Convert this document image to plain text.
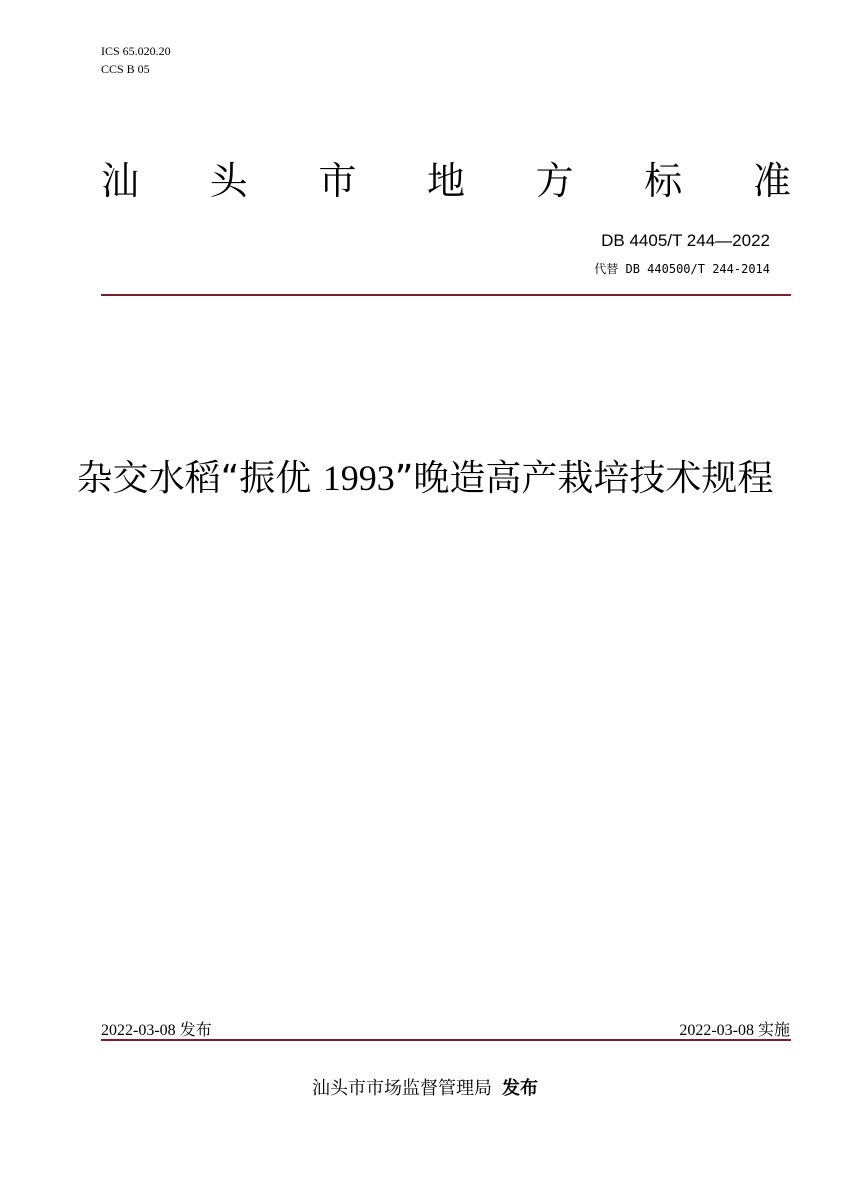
ICS 65.020.20
CCS B 05
汕 头 市 地 方 标 准
DB 4405/T 244—2022
代替 DB 440500/T 244-2014
杂交水稻“振优 1993”晚造高产栽培技术规程
2022-03-08 发布	2022-03-08 实施
汕头市市场监督管理局 发布
